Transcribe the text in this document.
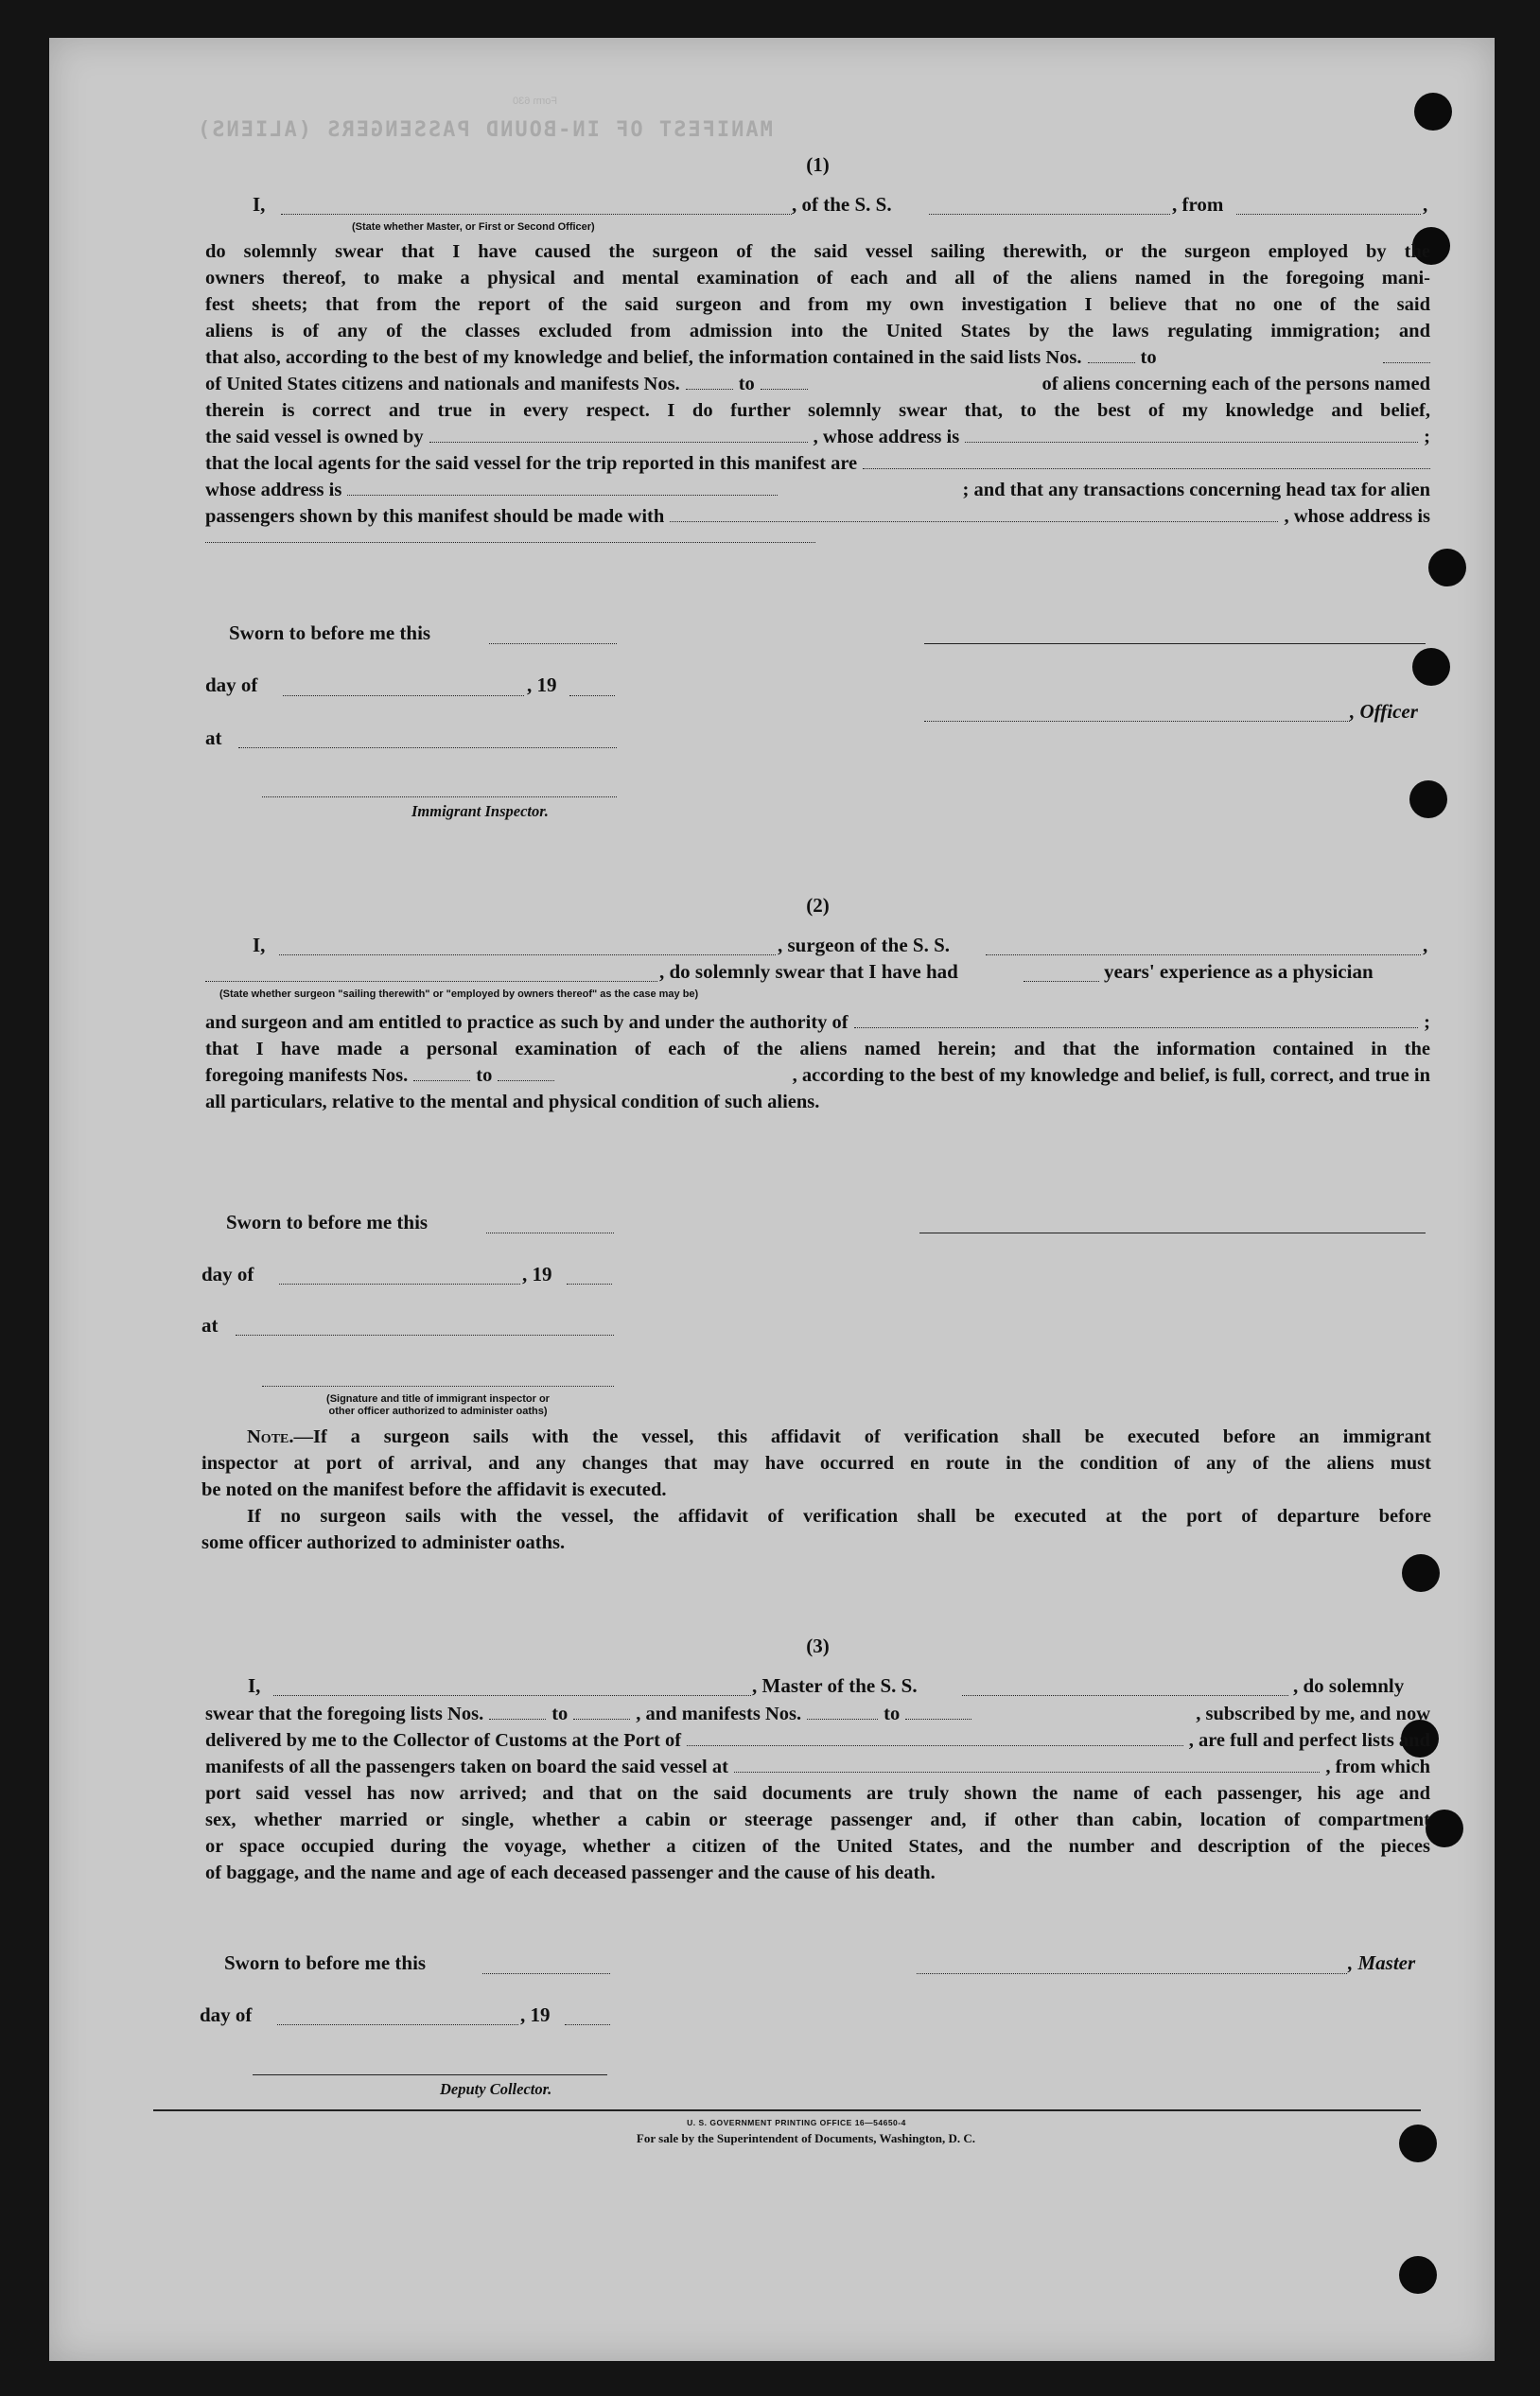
MANIFEST OF IN-BOUND PASSENGERS (ALIENS)
Form 630
(1)
I,	, of the S. S.	, from	,
(State whether Master, or First or Second Officer)

do solemnly swear that I have caused the surgeon of the said vessel sailing therewith, or the surgeon employed by the

owners thereof, to make a physical and mental examination of each and all of the aliens named in the foregoing mani-

fest sheets; that from the report of the said surgeon and from my own investigation I believe that no one of the said

aliens is of any of the classes excluded from admission into the United States by the laws regulating immigration; and

that also, according to the best of my knowledge and belief, the information contained in the said lists Nos.	to
of United States citizens and nationals and manifests Nos.	to	of aliens concerning each of the persons named

therein is correct and true in every respect. I do further solemnly swear that, to the best of my knowledge and belief,

the said vessel is owned by	, whose address is	;
that the local agents for the said vessel for the trip reported in this manifest are
whose address is	; and that any transactions concerning head tax for alien
passengers shown by this manifest should be made with	, whose address is
Sworn to before me this
day of	, 19
, Officer
at
Immigrant Inspector.
(2)
I,	, surgeon of the S. S.	,
, do solemnly swear that I have had	years' experience as a physician
(State whether surgeon "sailing therewith" or "employed by owners thereof" as the case may be)
and surgeon and am entitled to practice as such by and under the authority of	;

that I have made a personal examination of each of the aliens named herein; and that the information contained in the

foregoing manifests Nos.	to	, according to the best of my knowledge and belief, is full, correct, and true in

all particulars, relative to the mental and physical condition of such aliens.

Sworn to before me this
day of	, 19
at
(Signature and title of immigrant inspector or
other officer authorized to administer oaths)
Note.—If a surgeon sails with the vessel, this affidavit of verification shall be executed before an immigrant

inspector at port of arrival, and any changes that may have occurred en route in the condition of any of the aliens must

be noted on the manifest before the affidavit is executed.

If no surgeon sails with the vessel, the affidavit of verification shall be executed at the port of departure before

some officer authorized to administer oaths.

(3)
I,	, Master of the S. S.	, do solemnly
swear that the foregoing lists Nos.	to	, and manifests Nos.	to	, subscribed by me, and now
delivered by me to the Collector of Customs at the Port of	, are full and perfect lists and
manifests of all the passengers taken on board the said vessel at	, from which

port said vessel has now arrived; and that on the said documents are truly shown the name of each passenger, his age and

sex, whether married or single, whether a cabin or steerage passenger and, if other than cabin, location of compartment

or space occupied during the voyage, whether a citizen of the United States, and the number and description of the pieces

of baggage, and the name and age of each deceased passenger and the cause of his death.

Sworn to before me this	, Master
day of	, 19
Deputy Collector.
U. S. GOVERNMENT PRINTING OFFICE 16—54650-4
For sale by the Superintendent of Documents, Washington, D. C.
